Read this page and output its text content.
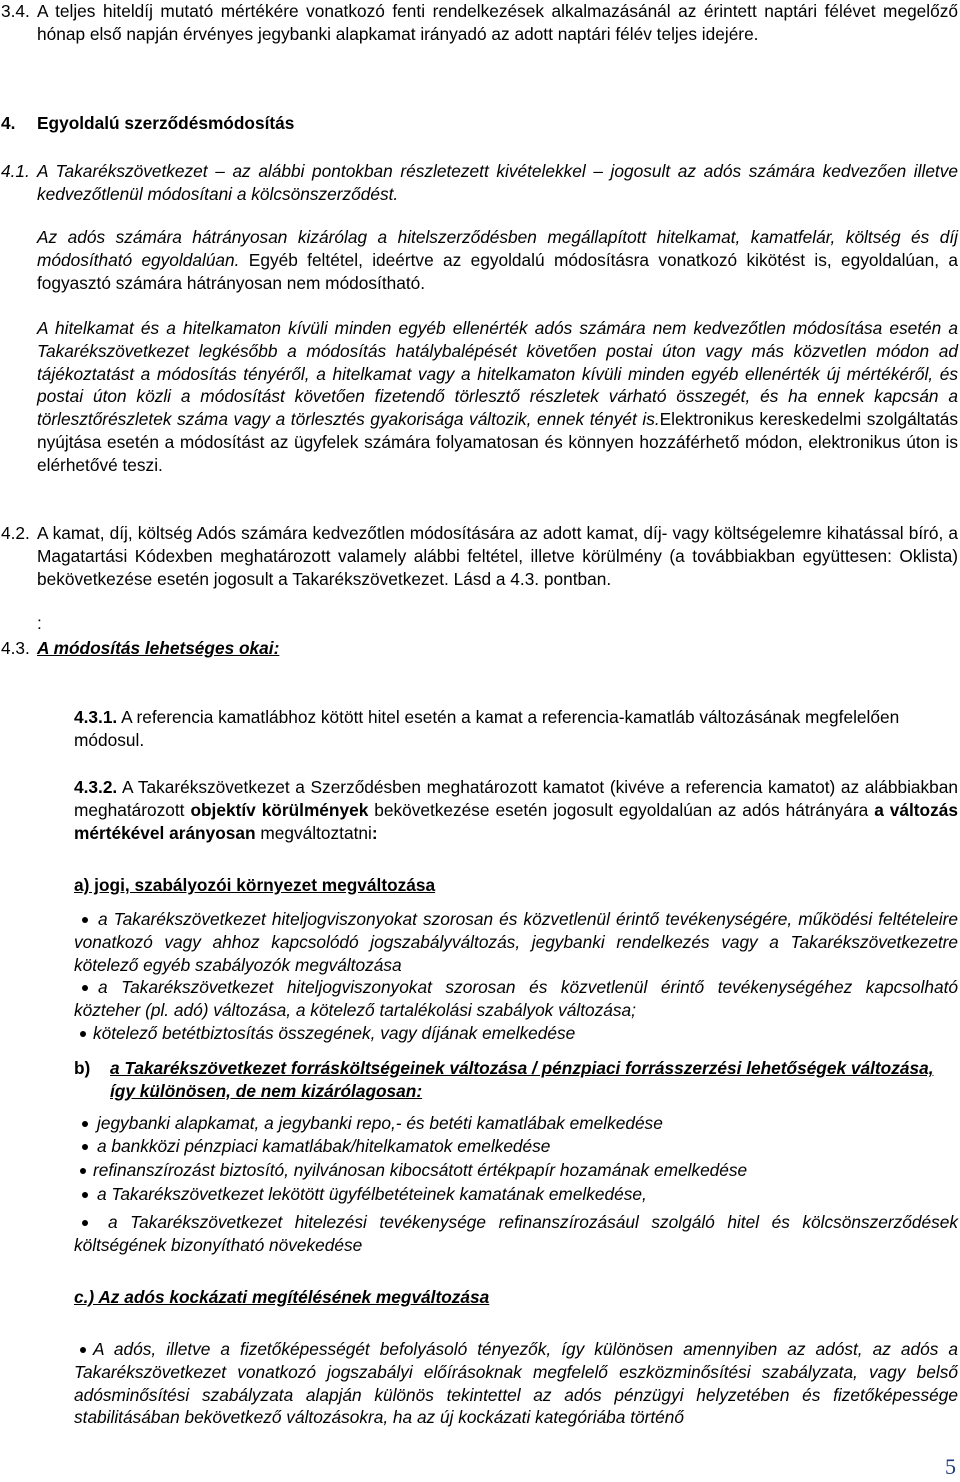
3.4. A teljes hiteldíj mutató mértékére vonatkozó fenti rendelkezések alkalmazásánál az érintett naptári félévet megelőző hónap első napján érvényes jegybanki alapkamat irányadó az adott naptári félév teljes idejére.

4. Egyoldalú szerződésmódosítás
4.1. A Takarékszövetkezet – az alábbi pontokban részletezett kivételekkel – jogosult az adós számára kedvezően illetve kedvezőtlenül módosítani a kölcsönszerződést.

Az adós számára hátrányosan kizárólag a hitelszerződésben megállapított hitelkamat, kamatfelár, költség és díj módosítható egyoldalúan. Egyéb feltétel, ideértve az egyoldalú módosításra vonatkozó kikötést is, egyoldalúan, a fogyasztó számára hátrányosan nem módosítható.

A hitelkamat és a hitelkamaton kívüli minden egyéb ellenérték adós számára nem kedvezőtlen módosítása esetén a Takarékszövetkezet legkésőbb a módosítás hatálybalépését követően postai úton vagy más közvetlen módon ad tájékoztatást a módosítás tényéről, a hitelkamat vagy a hitelkamaton kívüli minden egyéb ellenérték új mértékéről, és postai úton közli a módosítást követően fizetendő törlesztő részletek várható összegét, és ha ennek kapcsán a törlesztőrészletek száma vagy a törlesztés gyakorisága változik, ennek tényét is.Elektronikus kereskedelmi szolgáltatás nyújtása esetén a módosítást az ügyfelek számára folyamatosan és könnyen hozzáférhető módon, elektronikus úton is elérhetővé teszi.

4.2. A kamat, díj, költség Adós számára kedvezőtlen módosítására az adott kamat, díj- vagy költségelemre kihatással bíró, a Magatartási Kódexben meghatározott valamely alábbi feltétel, illetve körülmény (a továbbiakban együttesen: Oklista) bekövetkezése esetén jogosult a Takarékszövetkezet. Lásd a 4.3. pontban.

:
4.3. A módosítás lehetséges okai:

4.3.1. A referencia kamatlábhoz kötött hitel esetén a kamat a referencia-kamatláb változásának megfelelően módosul.

4.3.2. A Takarékszövetkezet a Szerződésben meghatározott kamatot (kivéve a referencia kamatot) az alábbiakban meghatározott objektív körülmények bekövetkezése esetén jogosult egyoldalúan az adós hátrányára a változás mértékével arányosan megváltoztatni:

a) jogi, szabályozói környezet megváltozása

a Takarékszövetkezet hiteljogviszonyokat szorosan és közvetlenül érintő tevékenységére, működési feltételeire vonatkozó vagy ahhoz kapcsolódó jogszabályváltozás, jegybanki rendelkezés vagy a Takarékszövetkezetre kötelező egyéb szabályozók megváltozása

a Takarékszövetkezet hiteljogviszonyokat szorosan és közvetlenül érintő tevékenységéhez kapcsolható közteher (pl. adó) változása, a kötelező tartalékolási szabályok változása;

kötelező betétbiztosítás összegének, vagy díjának emelkedése

b) a Takarékszövetkezet forrásköltségeinek változása / pénzpiaci forrásszerzési lehetőségek változása, így különösen, de nem kizárólagosan:

jegybanki alapkamat, a jegybanki repo,- és betéti kamatlábak emelkedése

a bankközi pénzpiaci kamatlábak/hitelkamatok emelkedése

refinanszírozást biztosító, nyilvánosan kibocsátott értékpapír hozamának emelkedése

a Takarékszövetkezet lekötött ügyfélbetéteinek kamatának emelkedése,

a Takarékszövetkezet hitelezési tevékenysége refinanszírozásául szolgáló hitel és kölcsönszerződések költségének bizonyítható növekedése

c.) Az adós kockázati megítélésének megváltozása

A adós, illetve a fizetőképességét befolyásoló tényezők, így különösen amennyiben az adóst, az adós a Takarékszövetkezet vonatkozó jogszabályi előírásoknak megfelelő eszközminősítési szabályzata, vagy belső adósminősítési szabályzata alapján különös tekintettel az adós pénzügyi helyzetében és fizetőképessége stabilitásában bekövetkező változásokra, ha az új kockázati kategóriába történő

5
